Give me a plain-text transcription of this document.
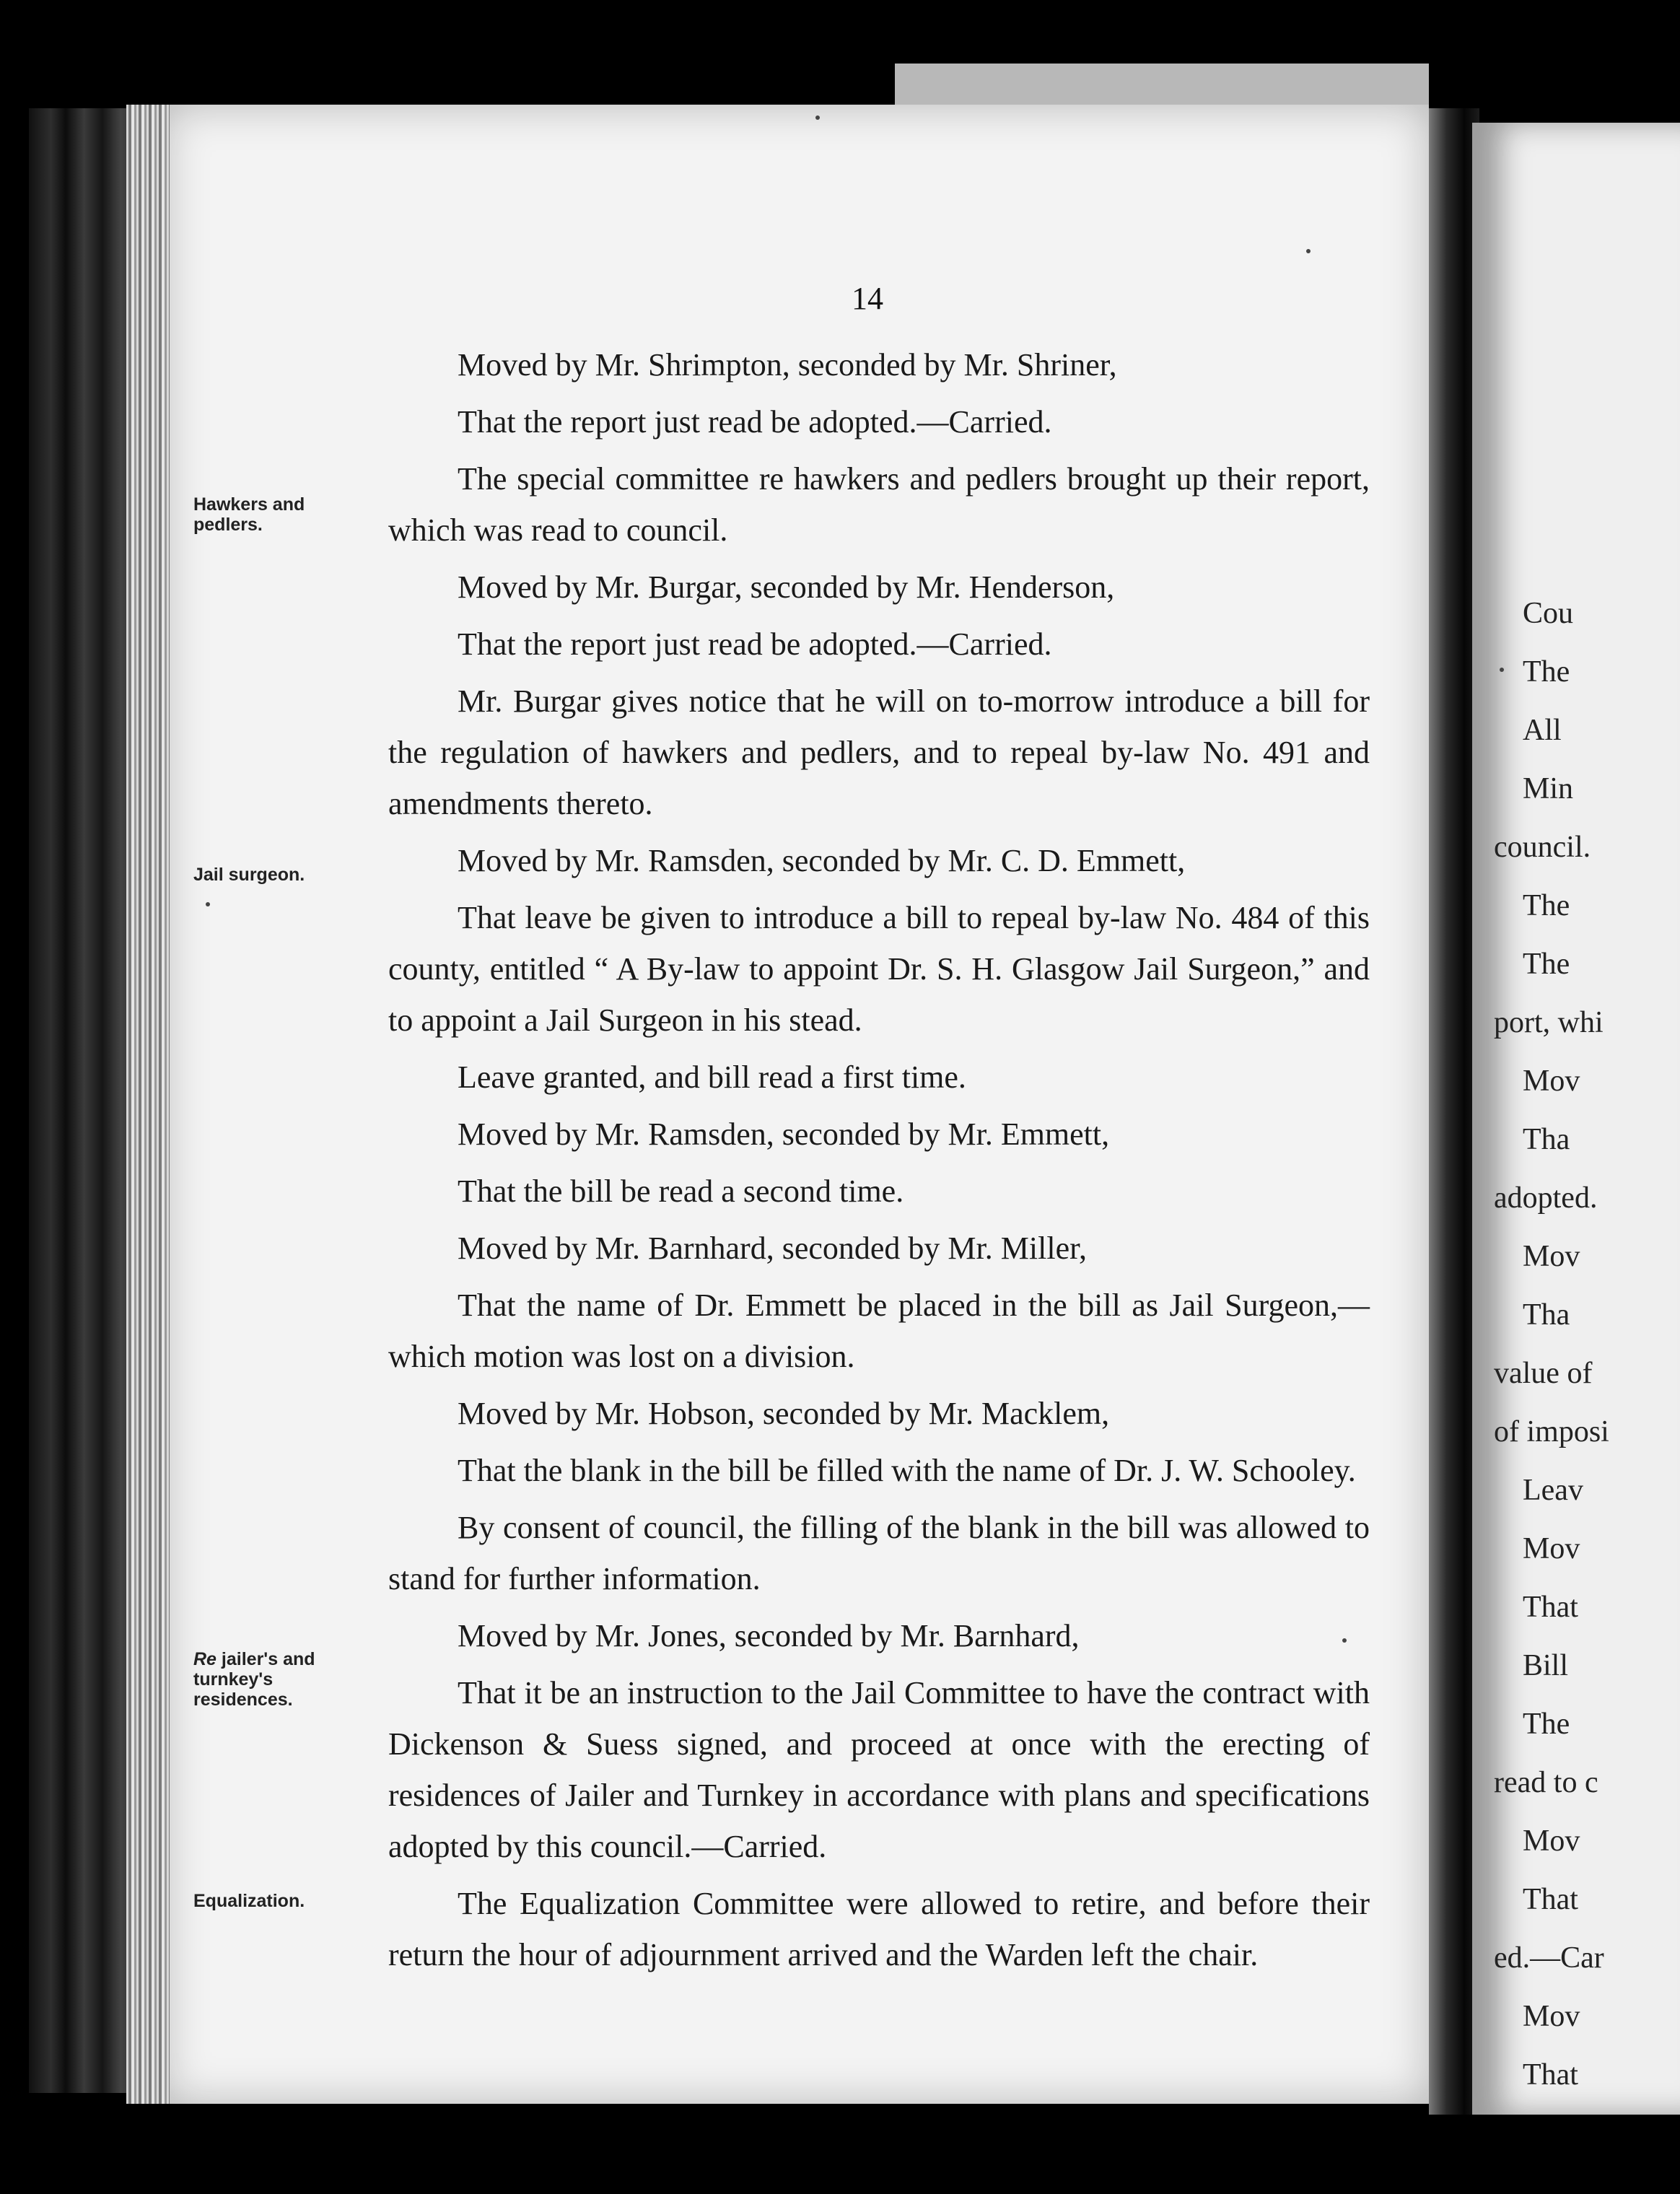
14

Moved by Mr. Shrimpton, seconded by Mr. Shriner,

That the report just read be adopted.—Carried.

The special committee re hawkers and pedlers brought up their report, which was read to council.

Moved by Mr. Burgar, seconded by Mr. Henderson,

That the report just read be adopted.—Carried.

Mr. Burgar gives notice that he will on to-morrow introduce a bill for the regulation of hawkers and pedlers, and to repeal by-law No. 491 and amendments thereto.

Moved by Mr. Ramsden, seconded by Mr. C. D. Emmett,

That leave be given to introduce a bill to repeal by-law No. 484 of this county, entitled “ A By-law to appoint Dr. S. H. Glasgow Jail Surgeon,” and to appoint a Jail Surgeon in his stead.

Leave granted, and bill read a first time.

Moved by Mr. Ramsden, seconded by Mr. Emmett,

That the bill be read a second time.

Moved by Mr. Barnhard, seconded by Mr. Miller,

That the name of Dr. Emmett be placed in the bill as Jail Surgeon,—which motion was lost on a division.

Moved by Mr. Hobson, seconded by Mr. Macklem,

That the blank in the bill be filled with the name of Dr. J. W. Schooley.

By consent of council, the filling of the blank in the bill was allowed to stand for further information.

Moved by Mr. Jones, seconded by Mr. Barnhard,

That it be an instruction to the Jail Committee to have the contract with Dickenson & Suess signed, and proceed at once with the erecting of residences of Jailer and Turnkey in accordance with plans and specifications adopted by this council.—Carried.

The Equalization Committee were allowed to retire, and before their return the hour of adjournment arrived and the Warden left the chair.

Hawkers and pedlers.
Jail surgeon.
Re jailer's and turnkey's residences.
Equalization.
Cou
The
All
Min
council.
The
The
port, whi
Mov
Tha
adopted.
Mov
Tha
value of
of imposi
Leav
Mov
That
Bill
The
read to c
Mov
That
ed.—Car
Mov
That
